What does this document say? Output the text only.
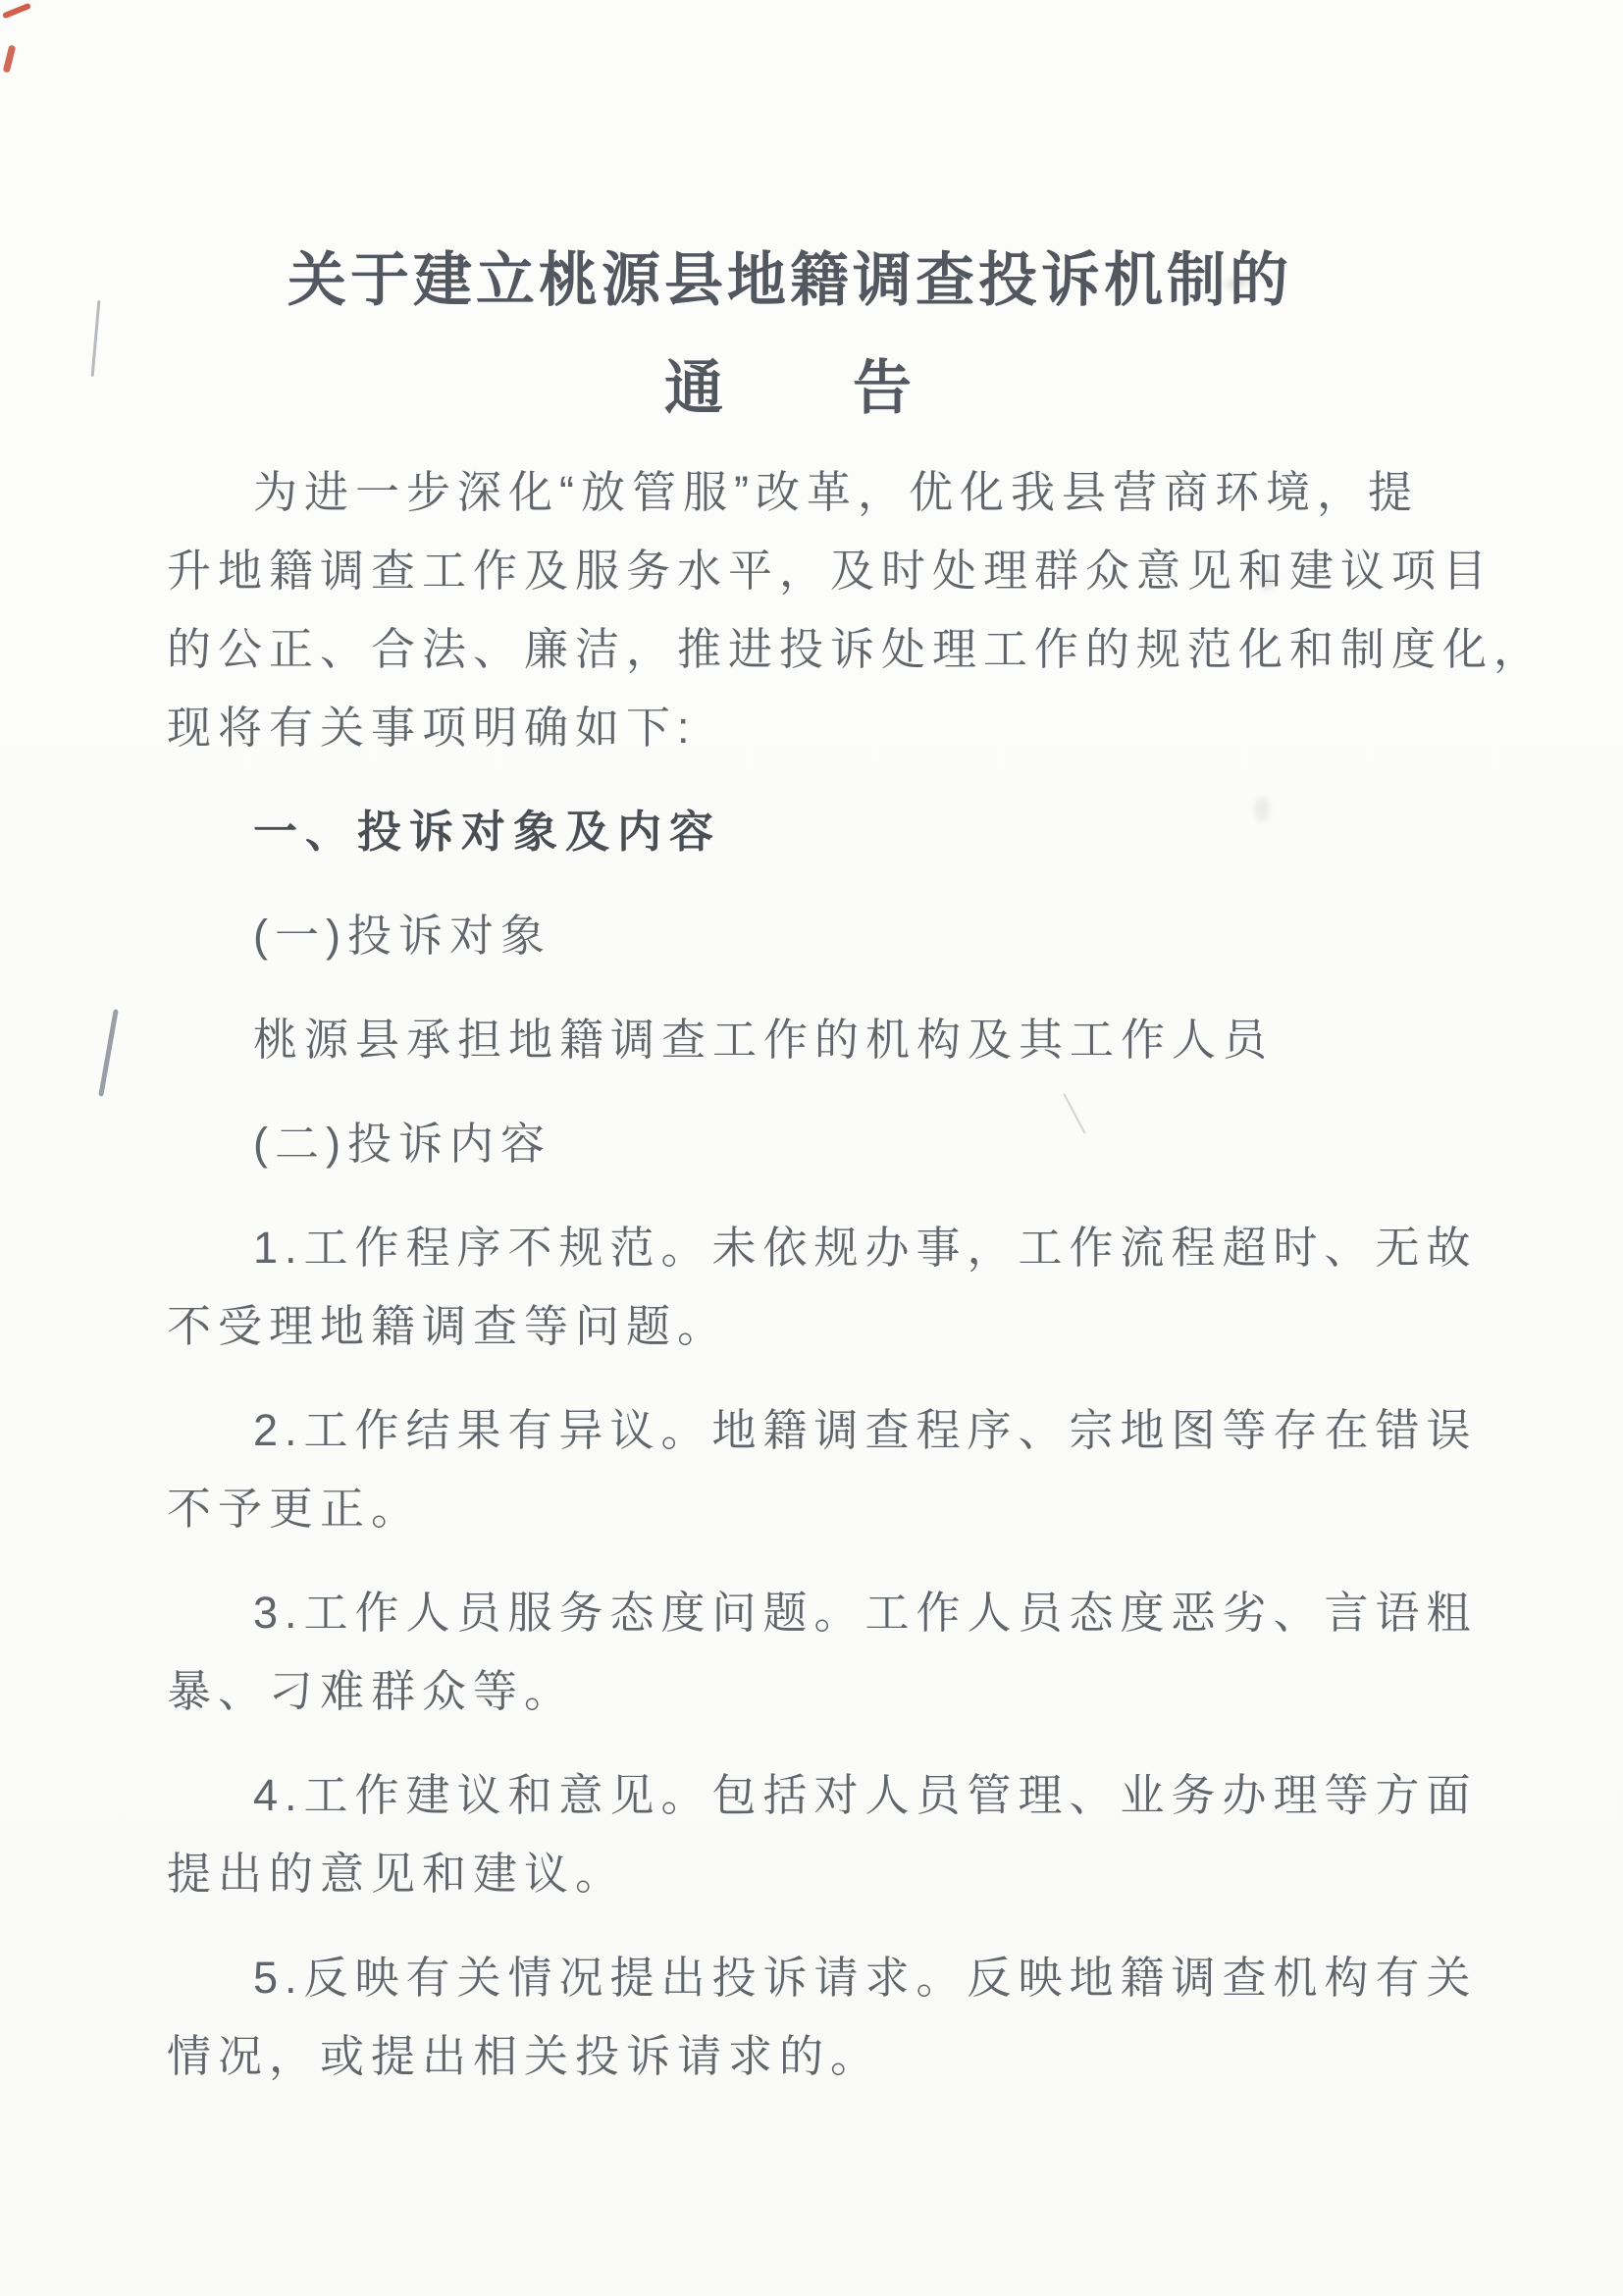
关于建立桃源县地籍调查投诉机制的
通　　告
为进一步深化“放管服”改革，优化我县营商环境，提
升地籍调查工作及服务水平，及时处理群众意见和建议项目
的公正、合法、廉洁，推进投诉处理工作的规范化和制度化，
现将有关事项明确如下:
一、投诉对象及内容
(一)投诉对象
桃源县承担地籍调查工作的机构及其工作人员
(二)投诉内容
1.工作程序不规范。未依规办事，工作流程超时、无故
不受理地籍调查等问题。
2.工作结果有异议。地籍调查程序、宗地图等存在错误
不予更正。
3.工作人员服务态度问题。工作人员态度恶劣、言语粗
暴、刁难群众等。
4.工作建议和意见。包括对人员管理、业务办理等方面
提出的意见和建议。
5.反映有关情况提出投诉请求。反映地籍调查机构有关
情况，或提出相关投诉请求的。
